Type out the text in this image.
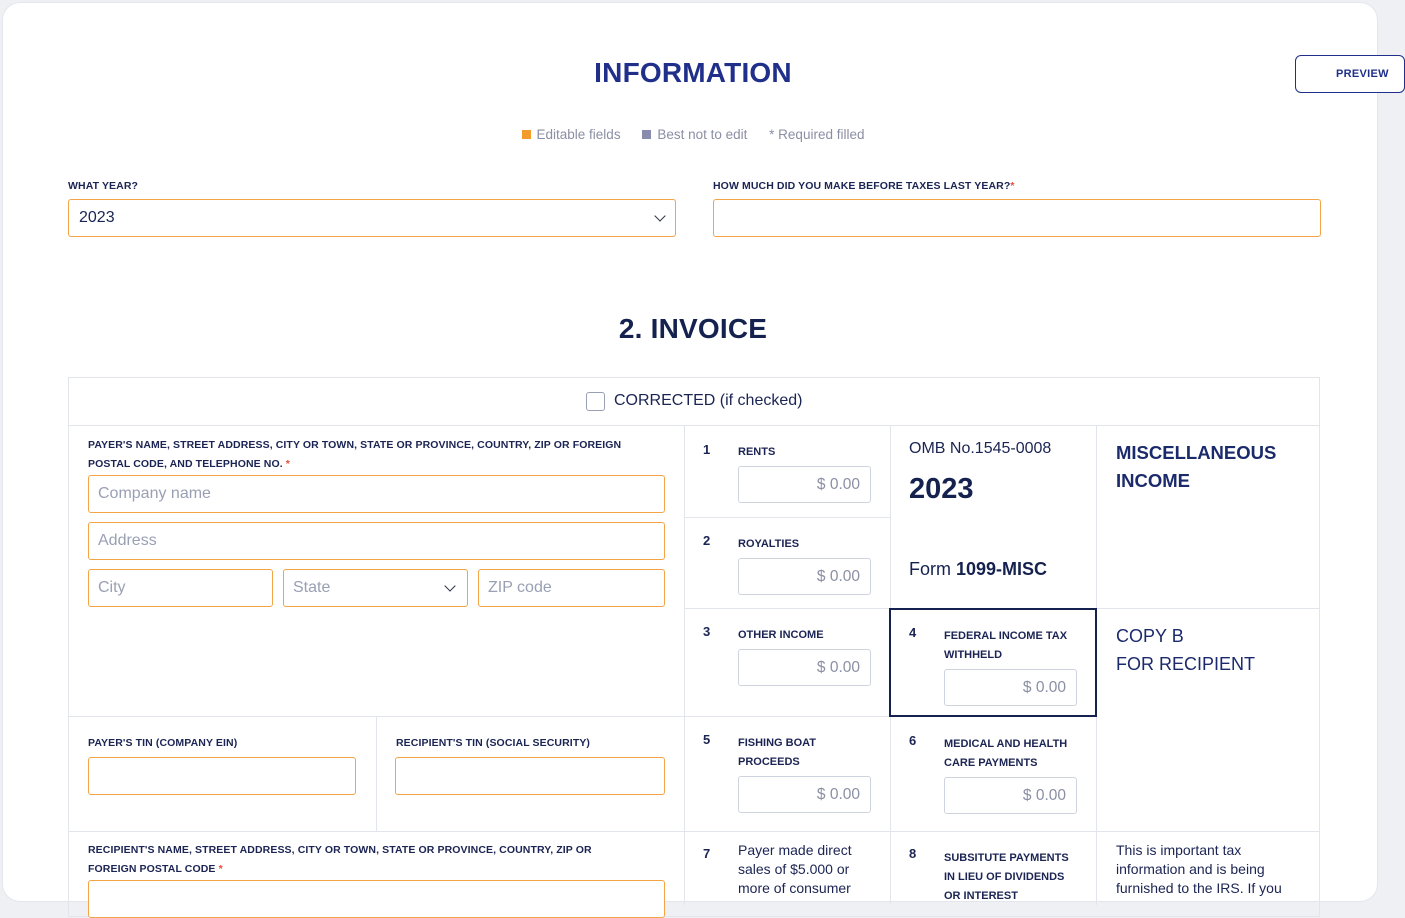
INFORMATION	PREVIEW
Editable fields	Best not to edit * Required filled
WHAT YEAR?
2023
HOW MUCH DID YOU MAKE BEFORE TAXES LAST YEAR?*
2. INVOICE
CORRECTED (if checked)
PAYER'S NAME, STREET ADDRESS, CITY OR TOWN, STATE OR PROVINCE, COUNTRY, ZIP OR FOREIGN
POSTAL CODE, AND TELEPHONE NO. *
Company name
Address
City	State	ZIP code
PAYER'S TIN (COMPANY EIN)	RECIPIENT'S TIN (SOCIAL SECURITY)
RECIPIENT'S NAME, STREET ADDRESS, CITY OR TOWN, STATE OR PROVINCE, COUNTRY, ZIP OR
FOREIGN POSTAL CODE *
1	RENTS
$ 0.00
2	ROYALTIES
$ 0.00
OMB No.1545-0008
2023
Form 1099-MISC
MISCELLANEOUS
INCOME
3	OTHER INCOME
$ 0.00
4	FEDERAL INCOME TAX
WITHHELD
$ 0.00
COPY B
FOR RECIPIENT
5	FISHING BOAT
PROCEEDS
$ 0.00
6	MEDICAL AND HEALTH
CARE PAYMENTS
$ 0.00
7 Payer made direct
sales of $5.000 or
more of consumer
8	SUBSITUTE PAYMENTS
IN LIEU OF DIVIDENDS
OR INTEREST
This is important tax
information and is being
furnished to the IRS. If you
